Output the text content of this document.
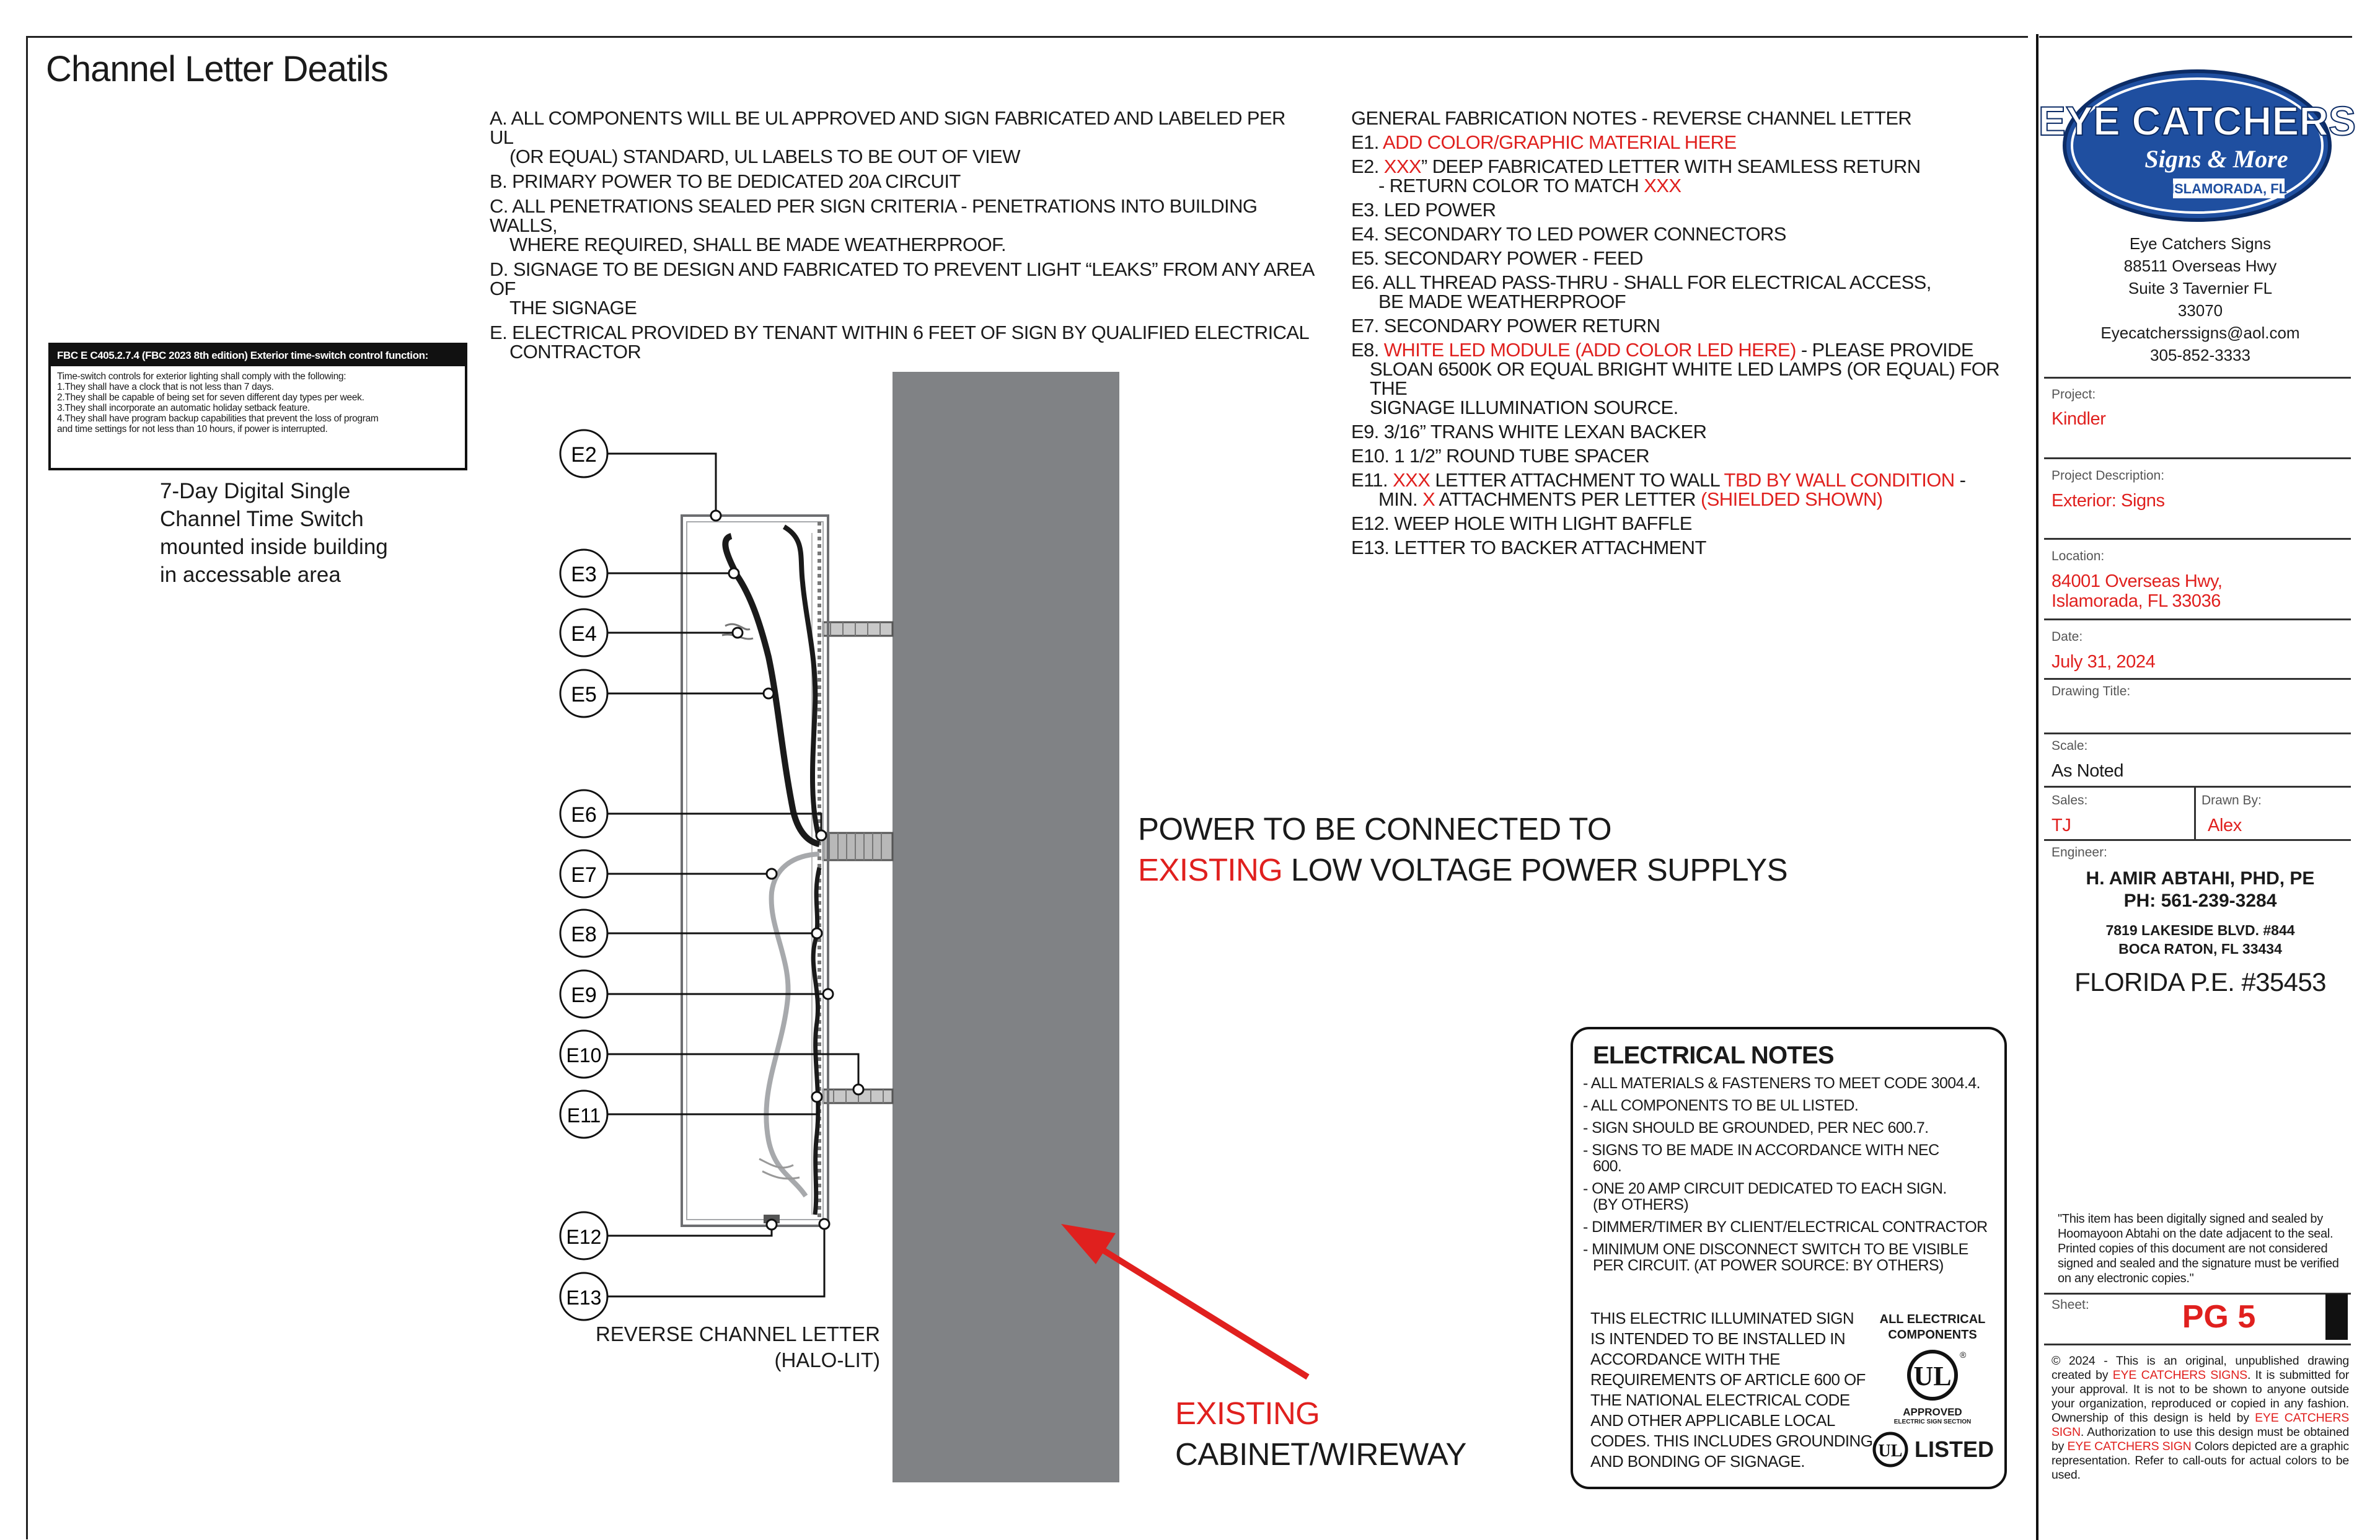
Channel Letter Deatils
A. ALL COMPONENTS WILL BE UL APPROVED AND SIGN FABRICATED AND LABELED PER UL
(OR EQUAL) STANDARD, UL LABELS TO BE OUT OF VIEW
B. PRIMARY POWER TO BE DEDICATED 20A CIRCUIT
C. ALL PENETRATIONS SEALED PER SIGN CRITERIA - PENETRATIONS INTO BUILDING WALLS,
WHERE REQUIRED, SHALL BE MADE WEATHERPROOF.
D. SIGNAGE TO BE DESIGN AND FABRICATED TO PREVENT LIGHT “LEAKS” FROM ANY AREA OF
THE SIGNAGE
E. ELECTRICAL PROVIDED BY TENANT WITHIN 6 FEET OF SIGN BY QUALIFIED ELECTRICAL
CONTRACTOR
GENERAL FABRICATION NOTES - REVERSE CHANNEL LETTER
E1. ADD COLOR/GRAPHIC MATERIAL HERE
E2. XXX” DEEP FABRICATED LETTER WITH SEAMLESS RETURN
- RETURN COLOR TO MATCH XXX
E3. LED POWER
E4. SECONDARY TO LED POWER CONNECTORS
E5. SECONDARY POWER - FEED
E6. ALL THREAD PASS-THRU - SHALL FOR ELECTRICAL ACCESS,
BE MADE WEATHERPROOF
E7. SECONDARY POWER RETURN
E8. WHITE LED MODULE (ADD COLOR LED HERE) - PLEASE PROVIDE
SLOAN 6500K OR EQUAL BRIGHT WHITE LED LAMPS (OR EQUAL) FOR THE
SIGNAGE ILLUMINATION SOURCE.
E9. 3/16” TRANS WHITE LEXAN BACKER
E10. 1 1/2” ROUND TUBE SPACER
E11. XXX LETTER ATTACHMENT TO WALL TBD BY WALL CONDITION -
MIN. X ATTACHMENTS PER LETTER (SHIELDED SHOWN)
E12. WEEP HOLE WITH LIGHT BAFFLE
E13. LETTER TO BACKER ATTACHMENT
FBC E C405.2.7.4 (FBC 2023 8th edition) Exterior time-switch control function:
Time-switch controls for exterior lighting shall comply with the following:
1.They shall have a clock that is not less than 7 days.
2.They shall be capable of being set for seven different day types per week.
3.They shall incorporate an automatic holiday setback feature.
4.They shall have program backup capabilities that prevent the loss of program
and time settings for not less than 10 hours, if power is interrupted.
7-Day Digital Single
Channel Time Switch
mounted inside building
in accessable area
E2
E3
E4
E5
E6
E7
E8
E9
E10
E11
E12
E13
POWER TO BE CONNECTED TO
EXISTING LOW VOLTAGE POWER SUPPLYS
EXISTING
CABINET/WIREWAY
REVERSE CHANNEL LETTER
(HALO-LIT)
ELECTRICAL NOTES
- ALL MATERIALS & FASTENERS TO MEET CODE 3004.4.
- ALL COMPONENTS TO BE UL LISTED.
- SIGN SHOULD BE GROUNDED, PER NEC 600.7.
- SIGNS TO BE MADE IN ACCORDANCE WITH NEC
600.
- ONE 20 AMP CIRCUIT DEDICATED TO EACH SIGN.
(BY OTHERS)
- DIMMER/TIMER BY CLIENT/ELECTRICAL CONTRACTOR
- MINIMUM ONE DISCONNECT SWITCH TO BE VISIBLE
PER CIRCUIT. (AT POWER SOURCE: BY OTHERS)
THIS ELECTRIC ILLUMINATED SIGN
IS INTENDED TO BE INSTALLED IN
ACCORDANCE WITH THE
REQUIREMENTS OF ARTICLE 600 OF
THE NATIONAL ELECTRICAL CODE
AND OTHER APPLICABLE LOCAL
CODES. THIS INCLUDES GROUNDING
AND BONDING OF SIGNAGE.
ALL ELECTRICAL
COMPONENTS
UL
®
APPROVED
ELECTRIC SIGN SECTION
UL LISTED
EYE CATCHERS
Signs & More
ISLAMORADA, FL
Eye Catchers Signs
88511 Overseas Hwy
Suite 3 Tavernier FL
33070
Eyecatcherssigns@aol.com
305-852-3333
Project:
Kindler
Project Description:
Exterior: Signs
Location:
84001 Overseas Hwy,
Islamorada, FL 33036
Date:
July 31, 2024
Drawing Title:
Scale:
As Noted
Sales:
TJ
Drawn By:
Alex
Engineer:
H. AMIR ABTAHI, PHD, PE
PH: 561-239-3284
7819 LAKESIDE BLVD. #844
BOCA RATON, FL 33434
FLORIDA P.E. #35453
"This item has been digitally signed and sealed by Hoomayoon Abtahi on the date adjacent to the seal. Printed copies of this document are not considered signed and sealed and the signature must be verified on any electronic copies."
Sheet:	PG 5
© 2024 - This is an original, unpublished drawing created by EYE CATCHERS SIGNS. It is submitted for your approval. It is not to be shown to anyone outside your organization, reproduced or copied in any fashion. Ownership of this design is held by EYE CATCHERS SIGN. Authorization to use this design must be obtained by EYE CATCHERS SIGN Colors depicted are a graphic representation. Refer to call-outs for actual colors to be used.
